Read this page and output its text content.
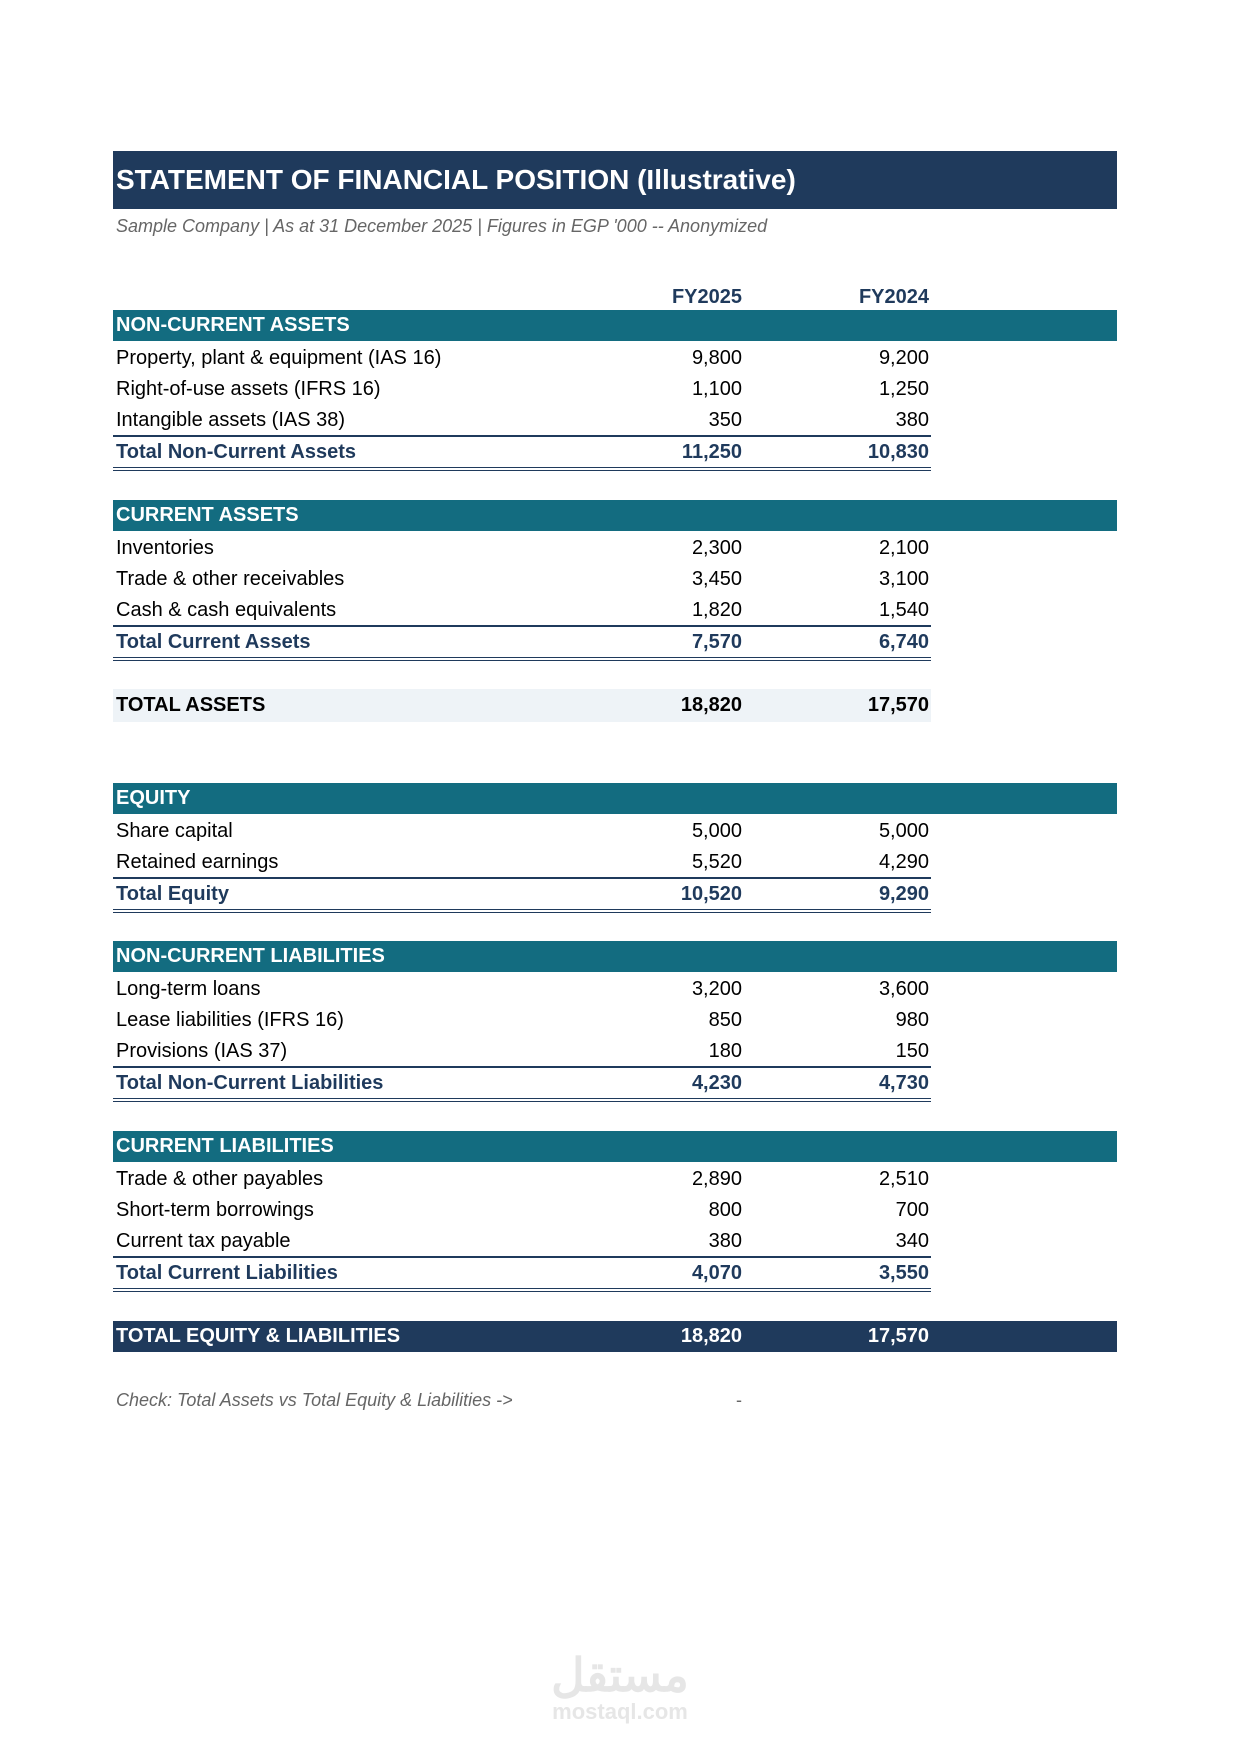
STATEMENT OF FINANCIAL POSITION (Illustrative)
Sample Company | As at 31 December 2025 | Figures in EGP '000 -- Anonymized
FY2025	FY2024
NON-CURRENT ASSETS
Property, plant & equipment (IAS 16)	9,800	9,200
Right-of-use assets (IFRS 16)	1,100	1,250
Intangible assets (IAS 38)	350	380
Total Non-Current Assets	11,250	10,830
CURRENT ASSETS
Inventories	2,300	2,100
Trade & other receivables	3,450	3,100
Cash & cash equivalents	1,820	1,540
Total Current Assets	7,570	6,740
TOTAL ASSETS	18,820	17,570
EQUITY
Share capital	5,000	5,000
Retained earnings	5,520	4,290
Total Equity	10,520	9,290
NON-CURRENT LIABILITIES
Long-term loans	3,200	3,600
Lease liabilities (IFRS 16)	850	980
Provisions (IAS 37)	180	150
Total Non-Current Liabilities	4,230	4,730
CURRENT LIABILITIES
Trade & other payables	2,890	2,510
Short-term borrowings	800	700
Current tax payable	380	340
Total Current Liabilities	4,070	3,550
TOTAL EQUITY & LIABILITIES	18,820	17,570
Check: Total Assets vs Total Equity & Liabilities ->	-
مستقل
mostaql.com
